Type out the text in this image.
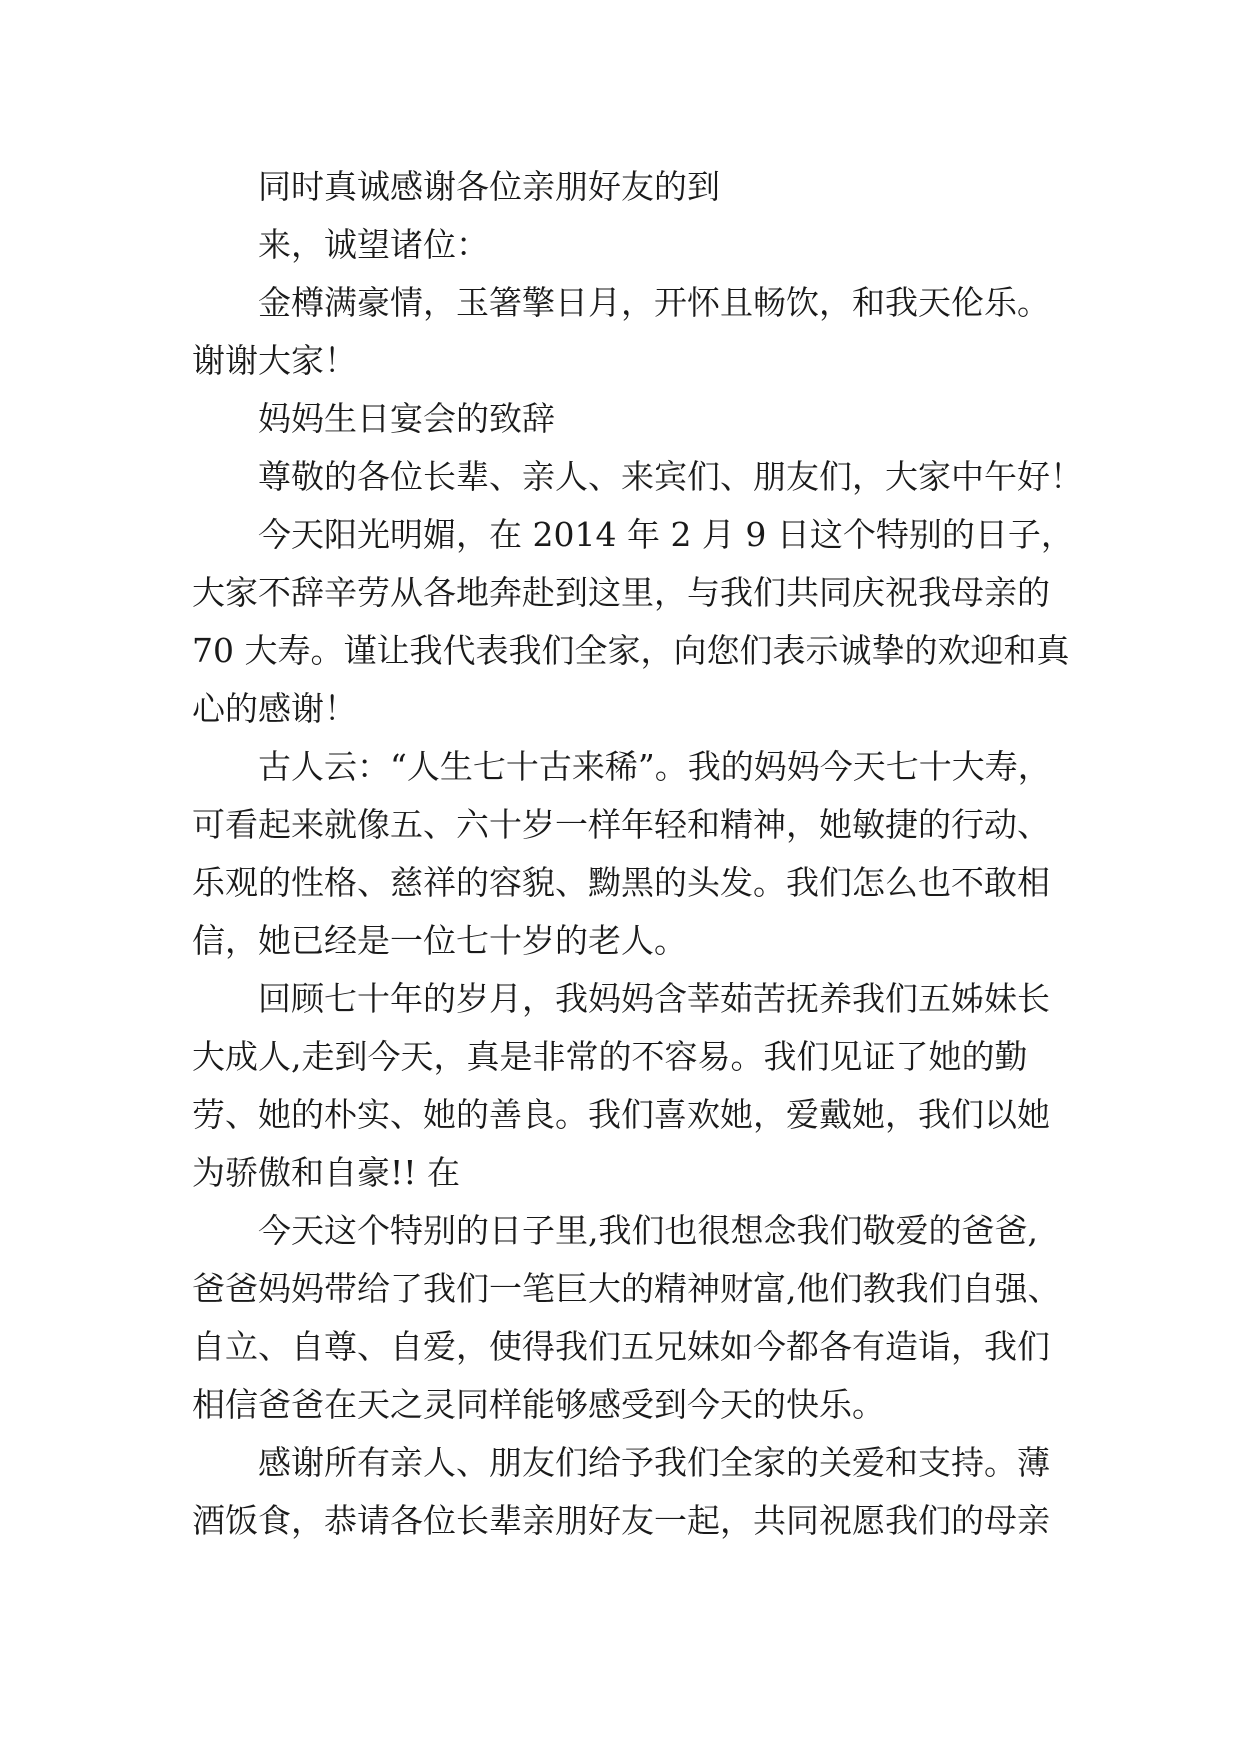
同时真诚感谢各位亲朋好友的到
来，诚望诸位：
金樽满豪情，玉箸擎日月，开怀且畅饮，和我天伦乐。
谢谢大家！
妈妈生日宴会的致辞
尊敬的各位长辈、亲人、来宾们、朋友们，大家中午好！
今天阳光明媚，在 2014 年 2 月 9 日这个特别的日子，
大家不辞辛劳从各地奔赴到这里，与我们共同庆祝我母亲的
70 大寿。谨让我代表我们全家，向您们表示诚挚的欢迎和真
心的感谢！
古人云：“人生七十古来稀”。我的妈妈今天七十大寿，
可看起来就像五、六十岁一样年轻和精神，她敏捷的行动、
乐观的性格、慈祥的容貌、黝黑的头发。我们怎么也不敢相
信，她已经是一位七十岁的老人。
回顾七十年的岁月，我妈妈含莘茹苦抚养我们五姊妹长
大成人,走到今天，真是非常的不容易。我们见证了她的勤
劳、她的朴实、她的善良。我们喜欢她，爱戴她，我们以她
为骄傲和自豪!! 在
今天这个特别的日子里,我们也很想念我们敬爱的爸爸,
爸爸妈妈带给了我们一笔巨大的精神财富,他们教我们自强、
自立、自尊、自爱，使得我们五兄妹如今都各有造诣，我们
相信爸爸在天之灵同样能够感受到今天的快乐。
感谢所有亲人、朋友们给予我们全家的关爱和支持。薄
酒饭食，恭请各位长辈亲朋好友一起，共同祝愿我们的母亲
